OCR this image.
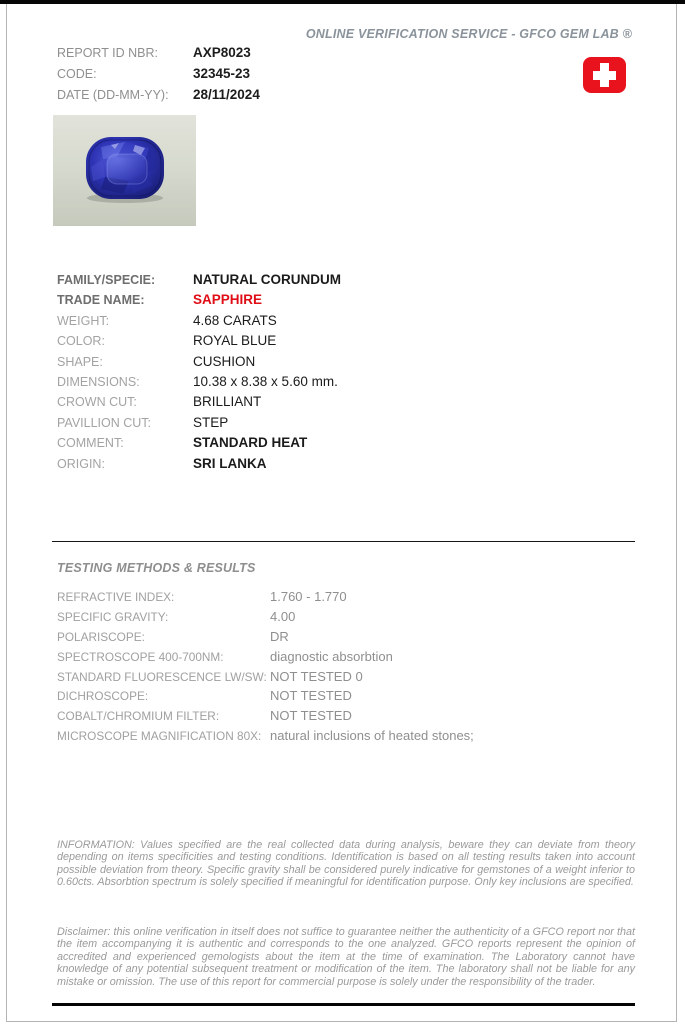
ONLINE VERIFICATION SERVICE - GFCO GEM LAB ®
REPORT ID NBR:	AXP8023
CODE:	32345-23
DATE (DD-MM-YY):	28/11/2024
FAMILY/SPECIE:	NATURAL CORUNDUM
TRADE NAME:	SAPPHIRE
WEIGHT:	4.68 CARATS
COLOR:	ROYAL BLUE
SHAPE:	CUSHION
DIMENSIONS:	10.38 x 8.38 x 5.60 mm.
CROWN CUT:	BRILLIANT
PAVILLION CUT:	STEP
COMMENT:	STANDARD HEAT
ORIGIN:	SRI LANKA
TESTING METHODS & RESULTS
REFRACTIVE INDEX:	1.760 - 1.770
SPECIFIC GRAVITY:	4.00
POLARISCOPE:	DR
SPECTROSCOPE 400-700NM:	diagnostic absorbtion
STANDARD FLUORESCENCE LW/SW: NOT TESTED 0
DICHROSCOPE:	NOT TESTED
COBALT/CHROMIUM FILTER:	NOT TESTED
MICROSCOPE MAGNIFICATION 80X: natural inclusions of heated stones;
INFORMATION: Values specified are the real collected data during analysis, beware they can deviate from theory depending on items specificities and testing conditions. Identification is based on all testing results taken into account possible deviation from theory. Specific gravity shall be considered purely indicative for gemstones of a weight inferior to 0.60cts. Absorbtion spectrum is solely specified if meaningful for identification purpose. Only key inclusions are specified.
Disclaimer: this online verification in itself does not suffice to guarantee neither the authenticity of a GFCO report nor that the item accompanying it is authentic and corresponds to the one analyzed. GFCO reports represent the opinion of accredited and experienced gemologists about the item at the time of examination. The Laboratory cannot have knowledge of any potential subsequent treatment or modification of the item. The laboratory shall not be liable for any mistake or omission. The use of this report for commercial purpose is solely under the responsibility of the trader.
